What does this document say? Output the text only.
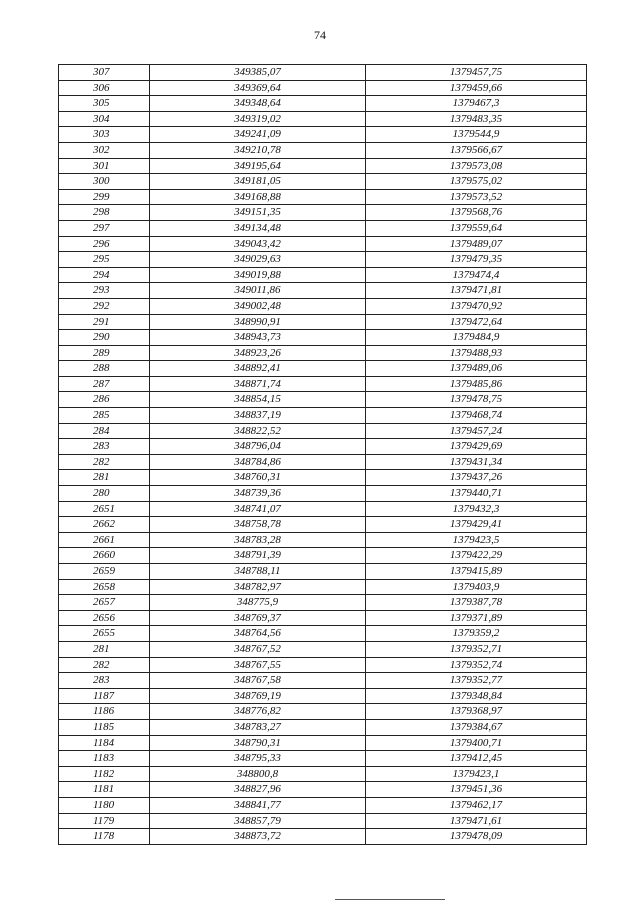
74
307	349385,07	1379457,75
306	349369,64	1379459,66
305	349348,64	1379467,3
304	349319,02	1379483,35
303	349241,09	1379544,9
302	349210,78	1379566,67
301	349195,64	1379573,08
300	349181,05	1379575,02
299	349168,88	1379573,52
298	349151,35	1379568,76
297	349134,48	1379559,64
296	349043,42	1379489,07
295	349029,63	1379479,35
294	349019,88	1379474,4
293	349011,86	1379471,81
292	349002,48	1379470,92
291	348990,91	1379472,64
290	348943,73	1379484,9
289	348923,26	1379488,93
288	348892,41	1379489,06
287	348871,74	1379485,86
286	348854,15	1379478,75
285	348837,19	1379468,74
284	348822,52	1379457,24
283	348796,04	1379429,69
282	348784,86	1379431,34
281	348760,31	1379437,26
280	348739,36	1379440,71
2651	348741,07	1379432,3
2662	348758,78	1379429,41
2661	348783,28	1379423,5
2660	348791,39	1379422,29
2659	348788,11	1379415,89
2658	348782,97	1379403,9
2657	348775,9	1379387,78
2656	348769,37	1379371,89
2655	348764,56	1379359,2
281	348767,52	1379352,71
282	348767,55	1379352,74
283	348767,58	1379352,77
1187	348769,19	1379348,84
1186	348776,82	1379368,97
1185	348783,27	1379384,67
1184	348790,31	1379400,71
1183	348795,33	1379412,45
1182	348800,8	1379423,1
1181	348827,96	1379451,36
1180	348841,77	1379462,17
1179	348857,79	1379471,61
1178	348873,72	1379478,09
